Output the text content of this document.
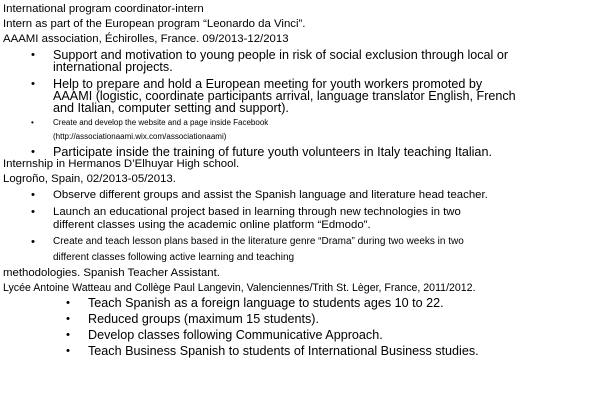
International program coordinator-intern
Intern as part of the European program “Leonardo da Vinci”.
AAAMI association, Échirolles, France. 09/2013-12/2013
• Support and motivation to young people in risk of social exclusion through local or
international projects.
• Help to prepare and hold a European meeting for youth workers promoted by
AAAMI (logistic, coordinate participants arrival, language translator English, French
and Italian, computer setting and support).
• Create and develop the website and a page inside Facebook
(http://associationaami.wix.com/associationaami)
• Participate inside the training of future youth volunteers in Italy teaching Italian.
Internship in Hermanos D’Elhuyar High school.
Logroño, Spain, 02/2013-05/2013.
• Observe different groups and assist the Spanish language and literature head teacher.
• Launch an educational project based in learning through new technologies in two
different classes using the academic online platform “Edmodo”.
• Create and teach lesson plans based in the literature genre “Drama” during two weeks in two
different classes following active learning and teaching
methodologies. Spanish Teacher Assistant.
Lycée Antoine Watteau and Collège Paul Langevin, Valenciennes/Trith St. Lèger, France, 2011/2012.
• Teach Spanish as a foreign language to students ages 10 to 22.
• Reduced groups (maximum 15 students).
• Develop classes following Communicative Approach.
• Teach Business Spanish to students of International Business studies.
